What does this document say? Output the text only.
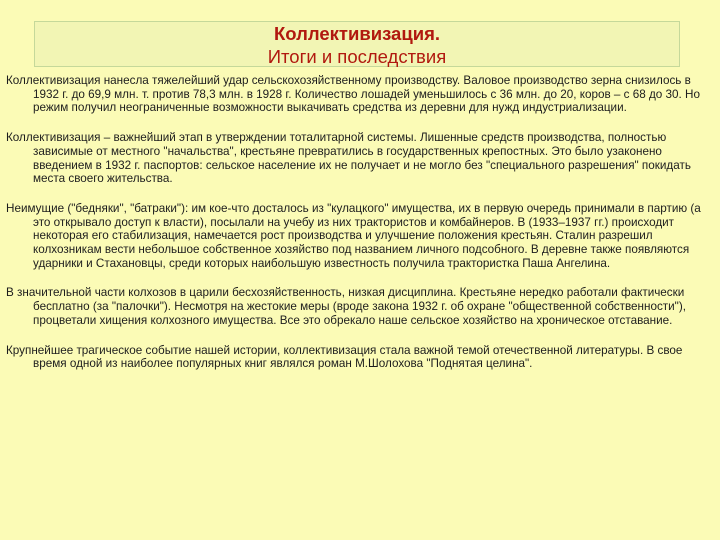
Коллективизация.
Итоги и последствия

Коллективизация нанесла тяжелейший удар сельскохозяйственному производству. Валовое производство зерна снизилось в 1932 г. до 69,9 млн. т. против 78,3 млн. в 1928 г. Количество лошадей уменьшилось с 36 млн. до 20, коров – с 68 до 30. Но режим получил неограниченные возможности выкачивать средства из деревни для нужд индустриализации.

Коллективизация – важнейший этап в утверждении тоталитарной системы. Лишенные средств производства, полностью зависимые от местного "начальства", крестьяне превратились в государственных крепостных. Это было узаконено введением в 1932 г. паспортов: сельское население их не получает и не могло без "специального разрешения" покидать места своего жительства.

Неимущие ("бедняки", "батраки"): им кое-что досталось из "кулацкого" имущества, их в первую очередь принимали в партию (а это открывало доступ к власти), посылали на учебу из них трактористов и комбайнеров. В (1933–1937 гг.) происходит некоторая его стабилизация, намечается рост производства и улучшение положения крестьян. Сталин разрешил колхозникам вести небольшое собственное хозяйство под названием личного подсобного. В деревне также появляются ударники и Стахановцы, среди которых наибольшую известность получила трактористка Паша Ангелина.

В значительной части колхозов в царили бесхозяйственность, низкая дисциплина. Крестьяне нередко работали фактически бесплатно (за "палочки"). Несмотря на жестокие меры (вроде закона 1932 г. об охране "общественной собственности"), процветали хищения колхозного имущества. Все это обрекало наше сельское хозяйство на хроническое отставание.

Крупнейшее трагическое событие нашей истории, коллективизация стала важной темой отечественной литературы. В свое время одной из наиболее популярных книг являлся роман М.Шолохова "Поднятая целина".
